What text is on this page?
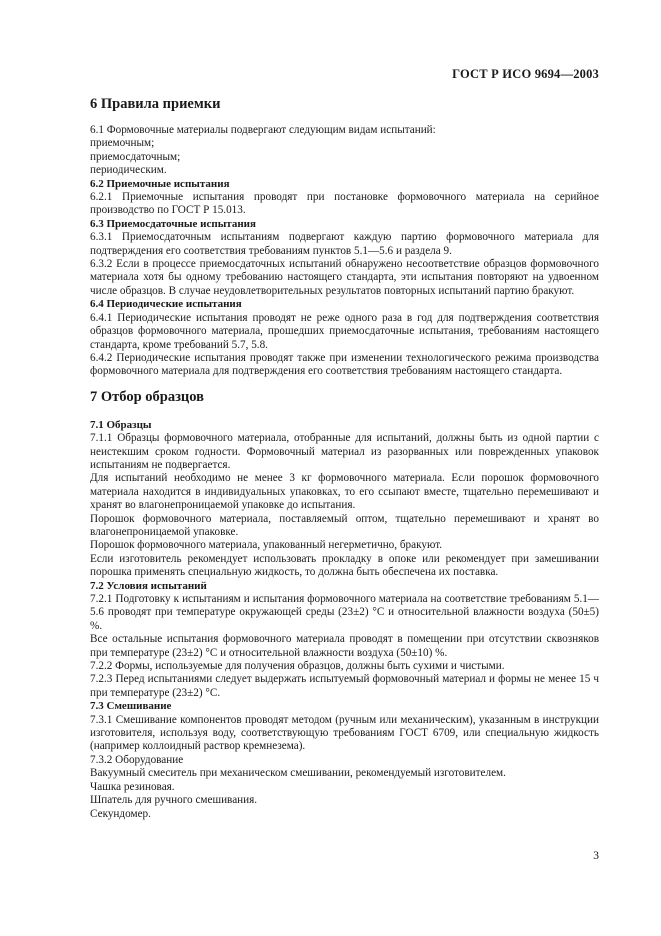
ГОСТ Р ИСО 9694—2003
6 Правила приемки

6.1 Формовочные материалы подвергают следующим видам испытаний:

приемочным;

приемосдаточным;

периодическим.

6.2 Приемочные испытания

6.2.1 Приемочные испытания проводят при постановке формовочного материала на серийное производство по ГОСТ Р 15.013.

6.3 Приемосдаточные испытания

6.3.1 Приемосдаточным испытаниям подвергают каждую партию формовочного материала для подтверждения его соответствия требованиям пунктов 5.1—5.6 и раздела 9.

6.3.2 Если в процессе приемосдаточных испытаний обнаружено несоответствие образцов формовочного материала хотя бы одному требованию настоящего стандарта, эти испытания повторяют на удвоенном числе образцов. В случае неудовлетворительных результатов повторных испытаний партию бракуют.

6.4 Периодические испытания

6.4.1 Периодические испытания проводят не реже одного раза в год для подтверждения соответствия образцов формовочного материала, прошедших приемосдаточные испытания, требованиям настоящего стандарта, кроме требований 5.7, 5.8.

6.4.2 Периодические испытания проводят также при изменении технологического режима производства формовочного материала для подтверждения его соответствия требованиям настоящего стандарта.

7 Отбор образцов

7.1 Образцы

7.1.1 Образцы формовочного материала, отобранные для испытаний, должны быть из одной партии с неистекшим сроком годности. Формовочный материал из разорванных или поврежденных упаковок испытаниям не подвергается.

Для испытаний необходимо не менее 3 кг формовочного материала. Если порошок формовочного материала находится в индивидуальных упаковках, то его ссыпают вместе, тщательно перемешивают и хранят во влагонепроницаемой упаковке до испытания.

Порошок формовочного материала, поставляемый оптом, тщательно перемешивают и хранят во влагонепроницаемой упаковке.

Порошок формовочного материала, упакованный негерметично, бракуют.

Если изготовитель рекомендует использовать прокладку в опоке или рекомендует при замешивании порошка применять специальную жидкость, то должна быть обеспечена их поставка.

7.2 Условия испытаний

7.2.1 Подготовку к испытаниям и испытания формовочного материала на соответствие требованиям 5.1—5.6 проводят при температуре окружающей среды (23±2) °С и относительной влажности воздуха (50±5) %.

Все остальные испытания формовочного материала проводят в помещении при отсутствии сквозняков при температуре (23±2) °С и относительной влажности воздуха (50±10) %.

7.2.2 Формы, используемые для получения образцов, должны быть сухими и чистыми.

7.2.3 Перед испытаниями следует выдержать испытуемый формовочный материал и формы не менее 15 ч при температуре (23±2) °С.

7.3 Смешивание

7.3.1 Смешивание компонентов проводят методом (ручным или механическим), указанным в инструкции изготовителя, используя воду, соответствующую требованиям ГОСТ 6709, или специальную жидкость (например коллоидный раствор кремнезема).

7.3.2 Оборудование

Вакуумный смеситель при механическом смешивании, рекомендуемый изготовителем.

Чашка резиновая.

Шпатель для ручного смешивания.

Секундомер.

3
